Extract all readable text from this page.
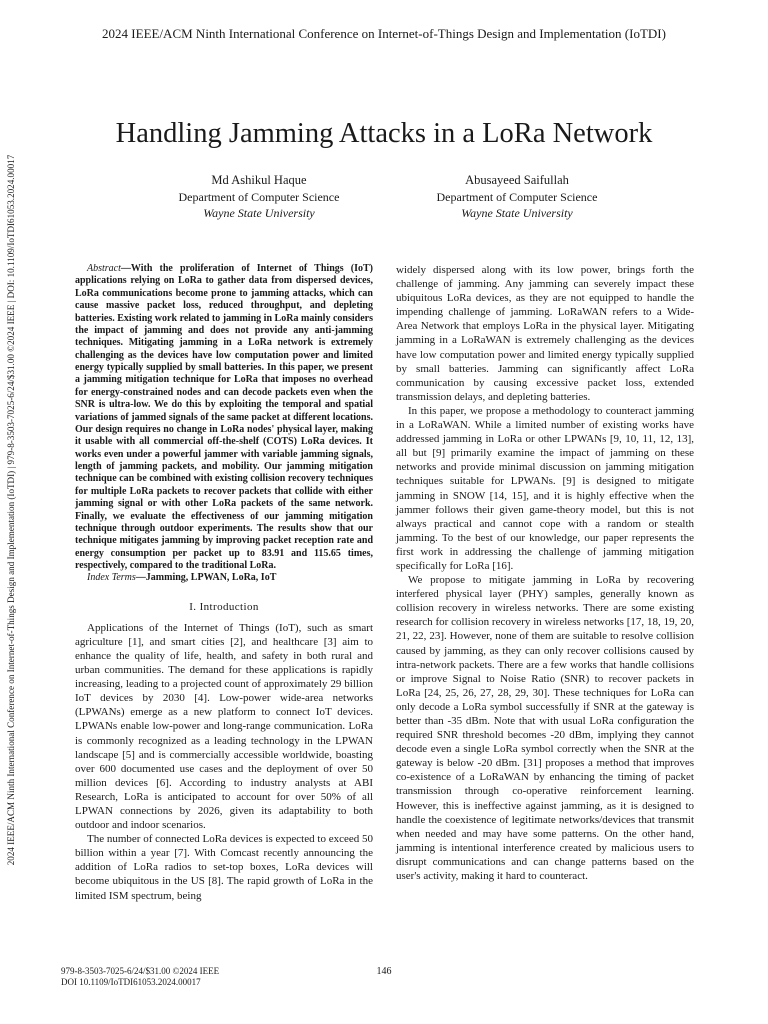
2024 IEEE/ACM Ninth International Conference on Internet-of-Things Design and Implementation (IoTDI)
2024 IEEE/ACM Ninth International Conference on Internet-of-Things Design and Implementation (IoTDI) | 979-8-3503-7025-6/24/$31.00 ©2024 IEEE | DOI: 10.1109/IoTDI61053.2024.00017
Handling Jamming Attacks in a LoRa Network
Md Ashikul Haque
Department of Computer Science
Wayne State University
Abusayeed Saifullah
Department of Computer Science
Wayne State University

Abstract—With the proliferation of Internet of Things (IoT) applications relying on LoRa to gather data from dispersed devices, LoRa communications become prone to jamming attacks, which can cause massive packet loss, reduced throughput, and depleting batteries. Existing work related to jamming in LoRa mainly considers the impact of jamming and does not provide any anti-jamming techniques. Mitigating jamming in a LoRa network is extremely challenging as the devices have low computation power and limited energy typically supplied by small batteries. In this paper, we present a jamming mitigation technique for LoRa that imposes no overhead for energy-constrained nodes and can decode packets even when the SNR is ultra-low. We do this by exploiting the temporal and spatial variations of jammed signals of the same packet at different locations. Our design requires no change in LoRa nodes' physical layer, making it usable with all commercial off-the-shelf (COTS) LoRa devices. It works even under a powerful jammer with variable jamming signals, length of jamming packets, and mobility. Our jamming mitigation technique can be combined with existing collision recovery techniques for multiple LoRa packets to recover packets that collide with either jamming signal or with other LoRa packets of the same network. Finally, we evaluate the effectiveness of our jamming mitigation technique through outdoor experiments. The results show that our technique mitigates jamming by improving packet reception rate and energy consumption per packet up to 83.91 and 115.65 times, respectively, compared to the traditional LoRa.

Index Terms—Jamming, LPWAN, LoRa, IoT

I. Introduction

Applications of the Internet of Things (IoT), such as smart agriculture [1], and smart cities [2], and healthcare [3] aim to enhance the quality of life, health, and safety in both rural and urban communities. The demand for these applications is rapidly increasing, leading to a projected count of approximately 29 billion IoT devices by 2030 [4]. Low-power wide-area networks (LPWANs) emerge as a new platform to connect IoT devices. LPWANs enable low-power and long-range communication. LoRa is commonly recognized as a leading technology in the LPWAN landscape [5] and is commercially accessible worldwide, boasting over 600 documented use cases and the deployment of over 50 million devices [6]. According to industry analysts at ABI Research, LoRa is anticipated to account for over 50% of all LPWAN connections by 2026, given its adaptability to both outdoor and indoor scenarios.

The number of connected LoRa devices is expected to exceed 50 billion within a year [7]. With Comcast recently announcing the addition of LoRa radios to set-top boxes, LoRa devices will become ubiquitous in the US [8]. The rapid growth of LoRa in the limited ISM spectrum, being

widely dispersed along with its low power, brings forth the challenge of jamming. Any jamming can severely impact these ubiquitous LoRa devices, as they are not equipped to handle the impending challenge of jamming. LoRaWAN refers to a Wide-Area Network that employs LoRa in the physical layer. Mitigating jamming in a LoRaWAN is extremely challenging as the devices have low computation power and limited energy typically supplied by small batteries. Jamming can significantly affect LoRa communication by causing excessive packet loss, extended transmission delays, and depleting batteries.

In this paper, we propose a methodology to counteract jamming in a LoRaWAN. While a limited number of existing works have addressed jamming in LoRa or other LPWANs [9, 10, 11, 12, 13], all but [9] primarily examine the impact of jamming on these networks and provide minimal discussion on jamming mitigation techniques suitable for LPWANs. [9] is designed to mitigate jamming in SNOW [14, 15], and it is highly effective when the jammer follows their given game-theory model, but this is not always practical and cannot cope with a random or stealth jamming. To the best of our knowledge, our paper represents the first work in addressing the challenge of jamming mitigation specifically for LoRa [16].

We propose to mitigate jamming in LoRa by recovering interfered physical layer (PHY) samples, generally known as collision recovery in wireless networks. There are some existing research for collision recovery in wireless networks [17, 18, 19, 20, 21, 22, 23]. However, none of them are suitable to resolve collision caused by jamming, as they can only recover collisions caused by intra-network packets. There are a few works that handle collisions or improve Signal to Noise Ratio (SNR) to recover packets in LoRa [24, 25, 26, 27, 28, 29, 30]. These techniques for LoRa can only decode a LoRa symbol successfully if SNR at the gateway is better than -35 dBm. Note that with usual LoRa configuration the required SNR threshold becomes -20 dBm, implying they cannot decode even a single LoRa symbol correctly when the SNR at the gateway is below -20 dBm. [31] proposes a method that improves co-existence of a LoRaWAN by enhancing the timing of packet transmission through co-operative reinforcement learning. However, this is ineffective against jamming, as it is designed to handle the coexistence of legitimate networks/devices that transmit when needed and may have some patterns. On the other hand, jamming is intentional interference created by malicious users to disrupt communications and can change patterns based on the user's activity, making it hard to counteract.

979-8-3503-7025-6/24/$31.00 ©2024 IEEE
DOI 10.1109/IoTDI61053.2024.00017
146
